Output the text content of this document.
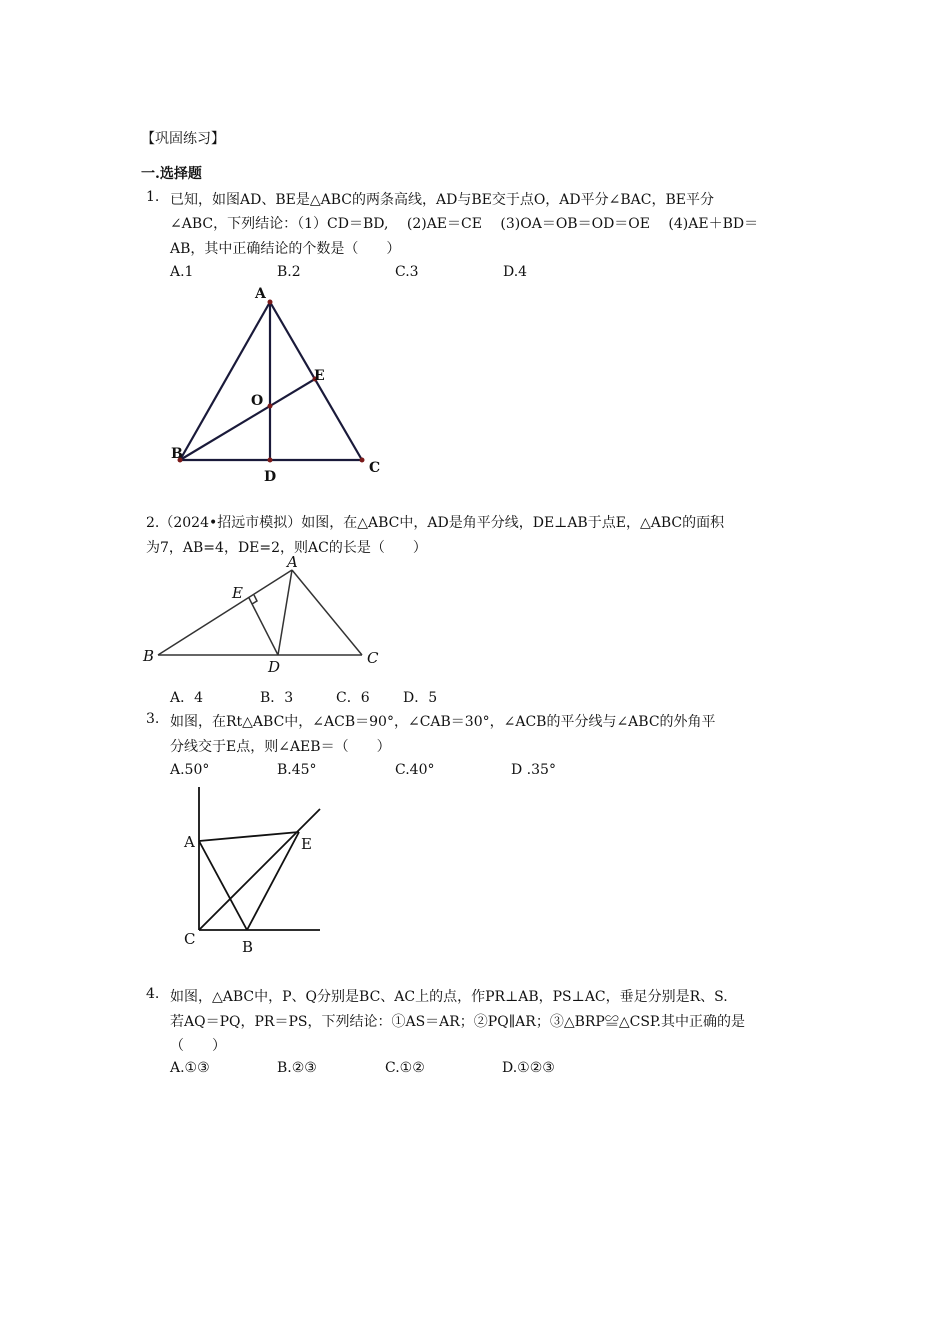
【巩固练习】
一.选择题
1. 已知，如图AD、BE是△ABC的两条高线，AD与BE交于点O，AD平分∠BAC，BE平分
∠ABC，下列结论：（1）CD＝BD,　 (2)AE＝CE　 (3)OA＝OB＝OD＝OE　 (4)AE＋BD＝
AB，其中正确结论的个数是（　　）
A.1	B.2	C.3	D.4
A
B
C
D
E
O
2.（2024•招远市模拟）如图，在△ABC中，AD是角平分线，DE⊥AB于点E，△ABC的面积
为7，AB=4，DE=2，则AC的长是（　　）
A
B	C
D
E
A．4	B．3	C．6 D．5
3. 如图，在Rt△ABC中，∠ACB＝90°，∠CAB＝30°，∠ACB的平分线与∠ABC的外角平
分线交于E点，则∠AEB＝（　　）
A.50°	B.45°	C.40°	D .35°
A
B
C
E
4. 如图，△ABC中，P、Q分别是BC、AC上的点，作PR⊥AB，PS⊥AC，垂足分别是R、S.
若AQ＝PQ，PR＝PS，下列结论：①AS＝AR；②PQ∥AR；③△BRP≌△CSP.其中正确的是
（　　）
A.①③	B.②③	C.①②	D.①②③
